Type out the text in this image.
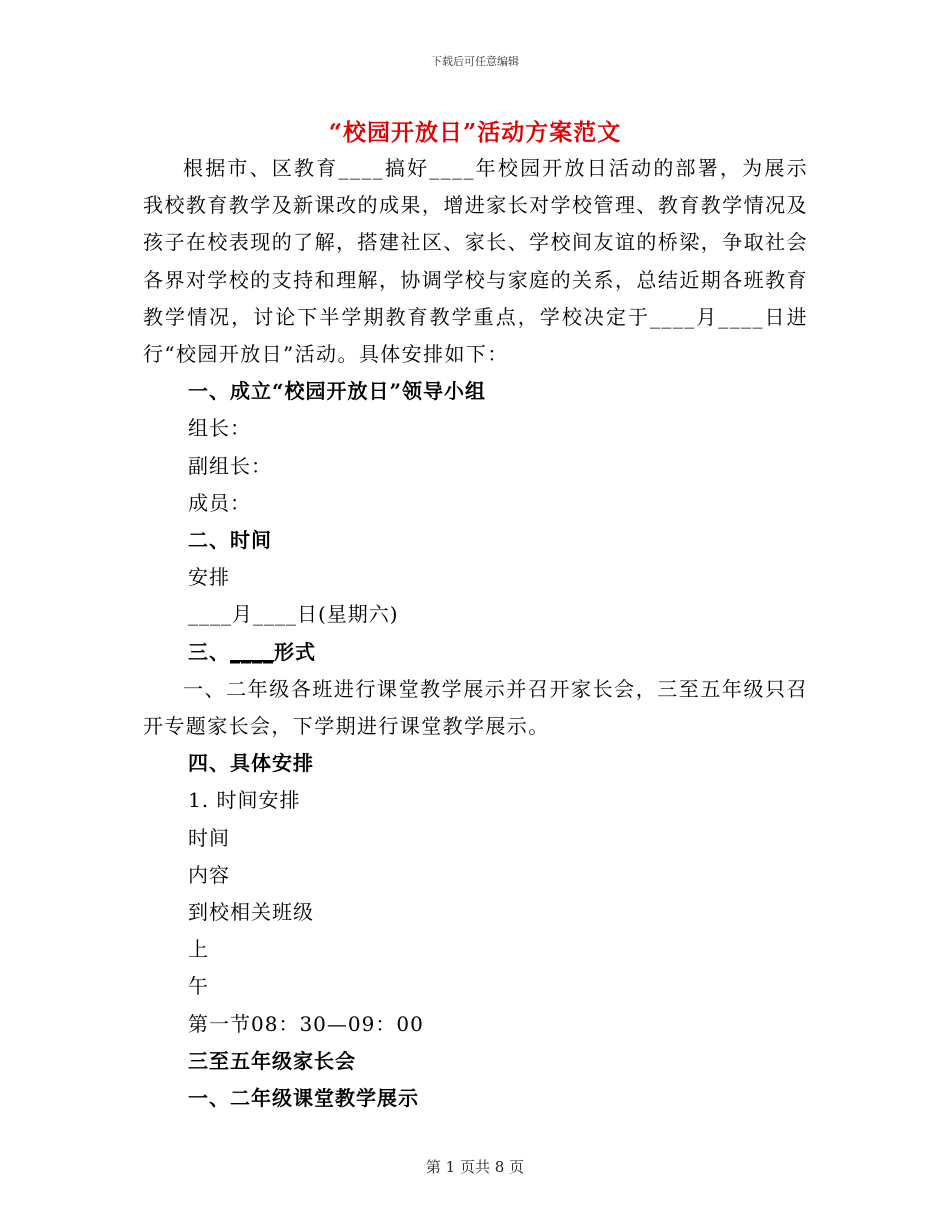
下载后可任意编辑
“校园开放日”活动方案范文

根据市、区教育____搞好____年校园开放日活动的部署，为展示我校教育教学及新课改的成果，增进家长对学校管理、教育教学情况及孩子在校表现的了解，搭建社区、家长、学校间友谊的桥梁，争取社会各界对学校的支持和理解，协调学校与家庭的关系，总结近期各班教育教学情况，讨论下半学期教育教学重点，学校决定于____月____日进行“校园开放日”活动。具体安排如下：

一、成立“校园开放日”领导小组

组长：

副组长：

成员：

二、时间

安排

____月____日(星期六)

三、____形式

一、二年级各班进行课堂教学展示并召开家长会，三至五年级只召开专题家长会，下学期进行课堂教学展示。

四、具体安排

1. 时间安排

时间

内容

到校相关班级

上

午

第一节08：30—09：00

三至五年级家长会

一、二年级课堂教学展示

第 1 页共 8 页
